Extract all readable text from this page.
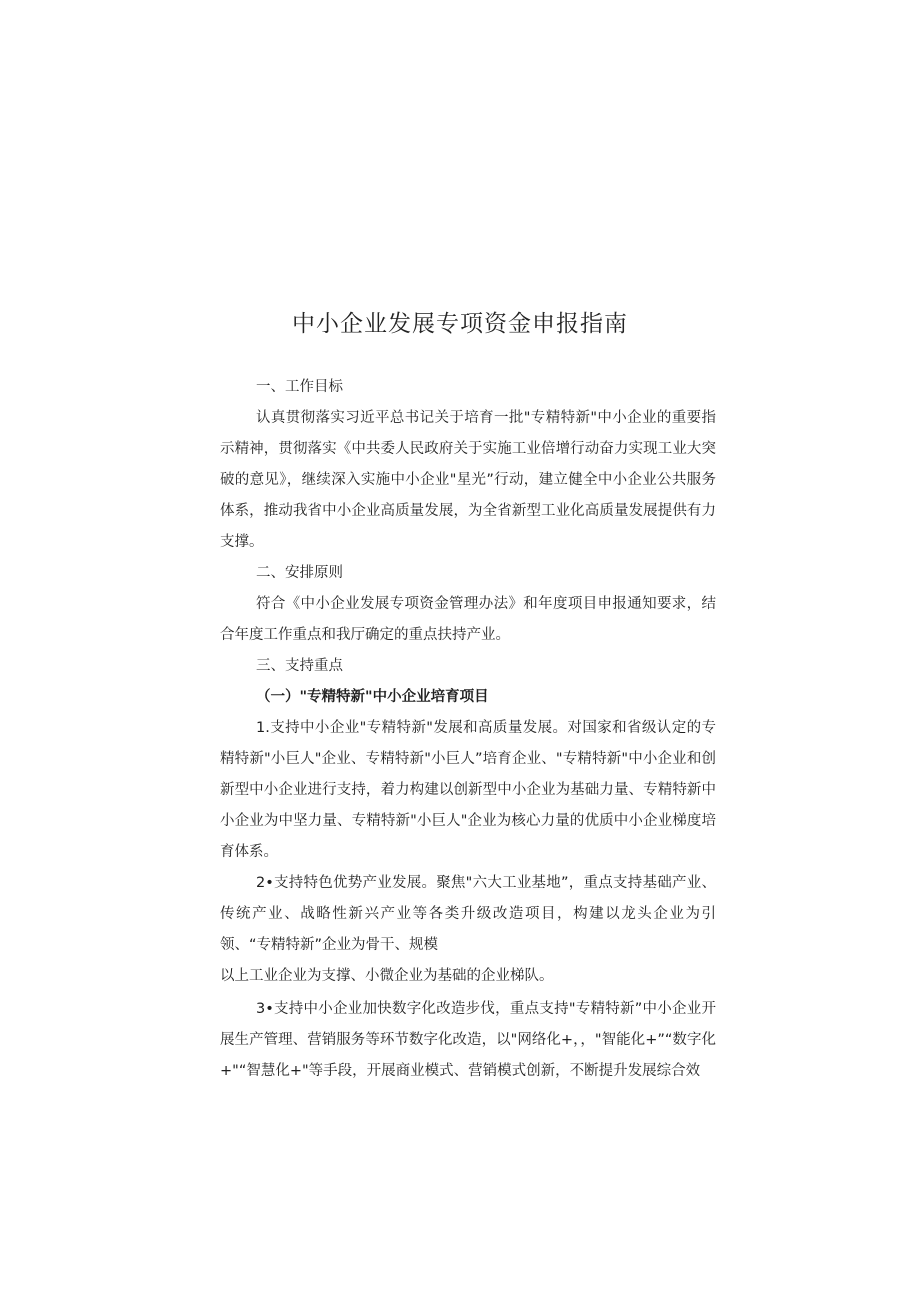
中小企业发展专项资金申报指南

一、工作目标

认真贯彻落实习近平总书记关于培育一批"专精特新"中小企业的重要指示精神，贯彻落实《中共委人民政府关于实施工业倍增行动奋力实现工业大突破的意见》，继续深入实施中小企业"星光”行动，建立健全中小企业公共服务体系，推动我省中小企业高质量发展，为全省新型工业化高质量发展提供有力支撑。

二、安排原则

符合《中小企业发展专项资金管理办法》和年度项目申报通知要求，结合年度工作重点和我厅确定的重点扶持产业。

三、支持重点

（一）"专精特新"中小企业培育项目

1.支持中小企业"专精特新"发展和高质量发展。对国家和省级认定的专精特新"小巨人"企业、专精特新"小巨人”培育企业、"专精特新"中小企业和创新型中小企业进行支持，着力构建以创新型中小企业为基础力量、专精特新中小企业为中坚力量、专精特新"小巨人"企业为核心力量的优质中小企业梯度培育体系。

2•支持特色优势产业发展。聚焦"六大工业基地”，重点支持基础产业、传统产业、战略性新兴产业等各类升级改造项目，构建以龙头企业为引领、“专精特新”企业为骨干、规模

以上工业企业为支撑、小微企业为基础的企业梯队。

3•支持中小企业加快数字化改造步伐，重点支持"专精特新”中小企业开展生产管理、营销服务等环节数字化改造，以"网络化+，，"智能化+”“数字化+"“智慧化+"等手段，开展商业模式、营销模式创新，不断提升发展综合效
